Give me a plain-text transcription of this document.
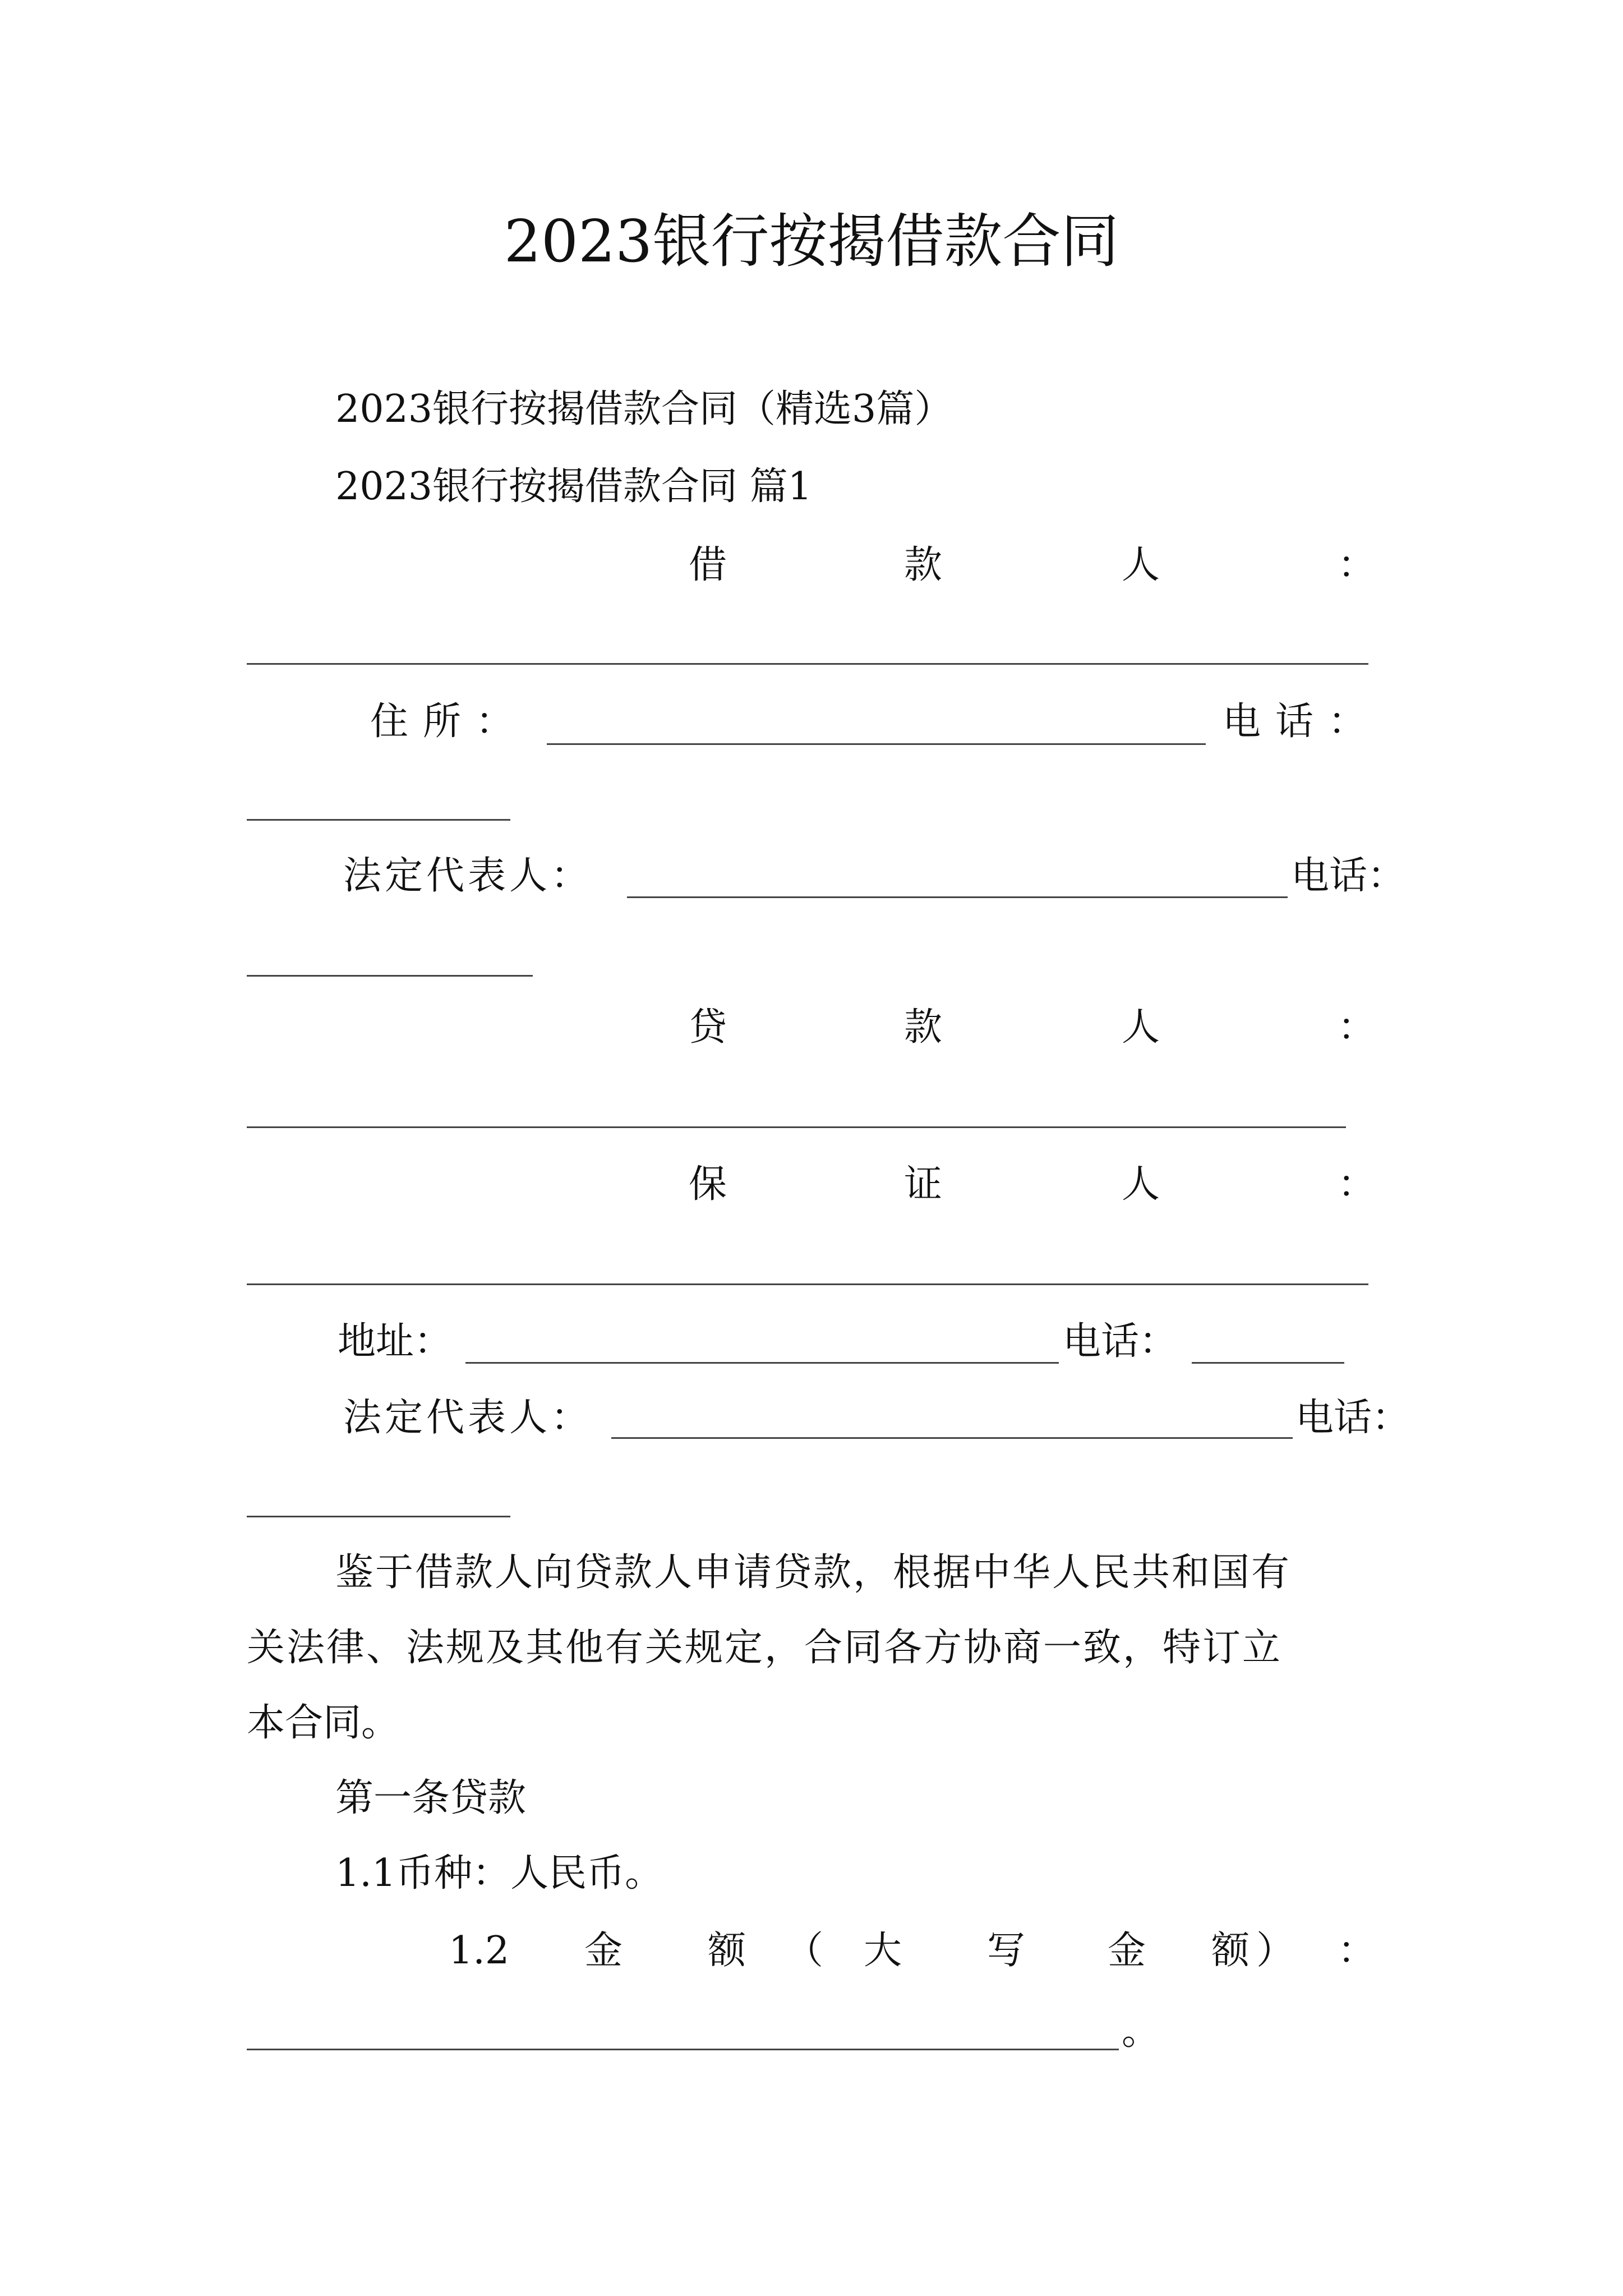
2023银行按揭借款合同
2023银行按揭借款合同（精选3篇）
2023银行按揭借款合同 篇1
借	款	人	：
住所：	电话：
法定代表人：	电话：
贷	款	人	：
保	证	人	：
地址：	电话：
法定代表人：	电话：
鉴于借款人向贷款人申请贷款，根据中华人民共和国有
关法律、法规及其他有关规定，合同各方协商一致，特订立
本合同。
第一条贷款
1.1币种：人民币。
1.2 金 额 （ 大 写 金 额 ） ：
。
